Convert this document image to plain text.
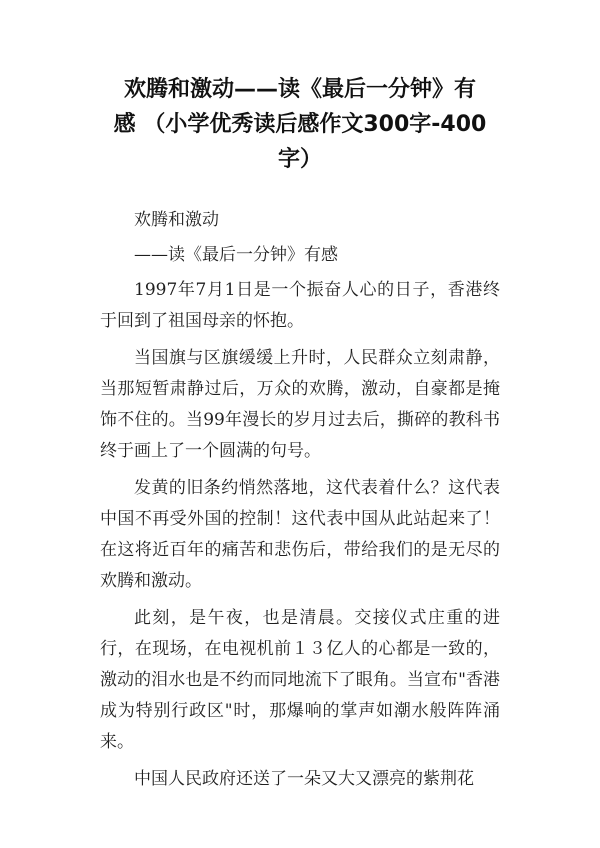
欢腾和激动——读《最后一分钟》有
感 （小学优秀读后感作文300字-400
字）

欢腾和激动

——读《最后一分钟》有感

1997年7月1日是一个振奋人心的日子，香港终于回到了祖国母亲的怀抱。

当国旗与区旗缓缓上升时，人民群众立刻肃静，当那短暂肃静过后，万众的欢腾，激动，自豪都是掩饰不住的。当99年漫长的岁月过去后，撕碎的教科书终于画上了一个圆满的句号。

发黄的旧条约悄然落地，这代表着什么？这代表中国不再受外国的控制！这代表中国从此站起来了！在这将近百年的痛苦和悲伤后，带给我们的是无尽的欢腾和激动。

此刻，是午夜，也是清晨。交接仪式庄重的进行，在现场，在电视机前１３亿人的心都是一致的，激动的泪水也是不约而同地流下了眼角。当宣布"香港成为特别行政区"时，那爆响的掌声如潮水般阵阵涌来。

中国人民政府还送了一朵又大又漂亮的紫荆花
